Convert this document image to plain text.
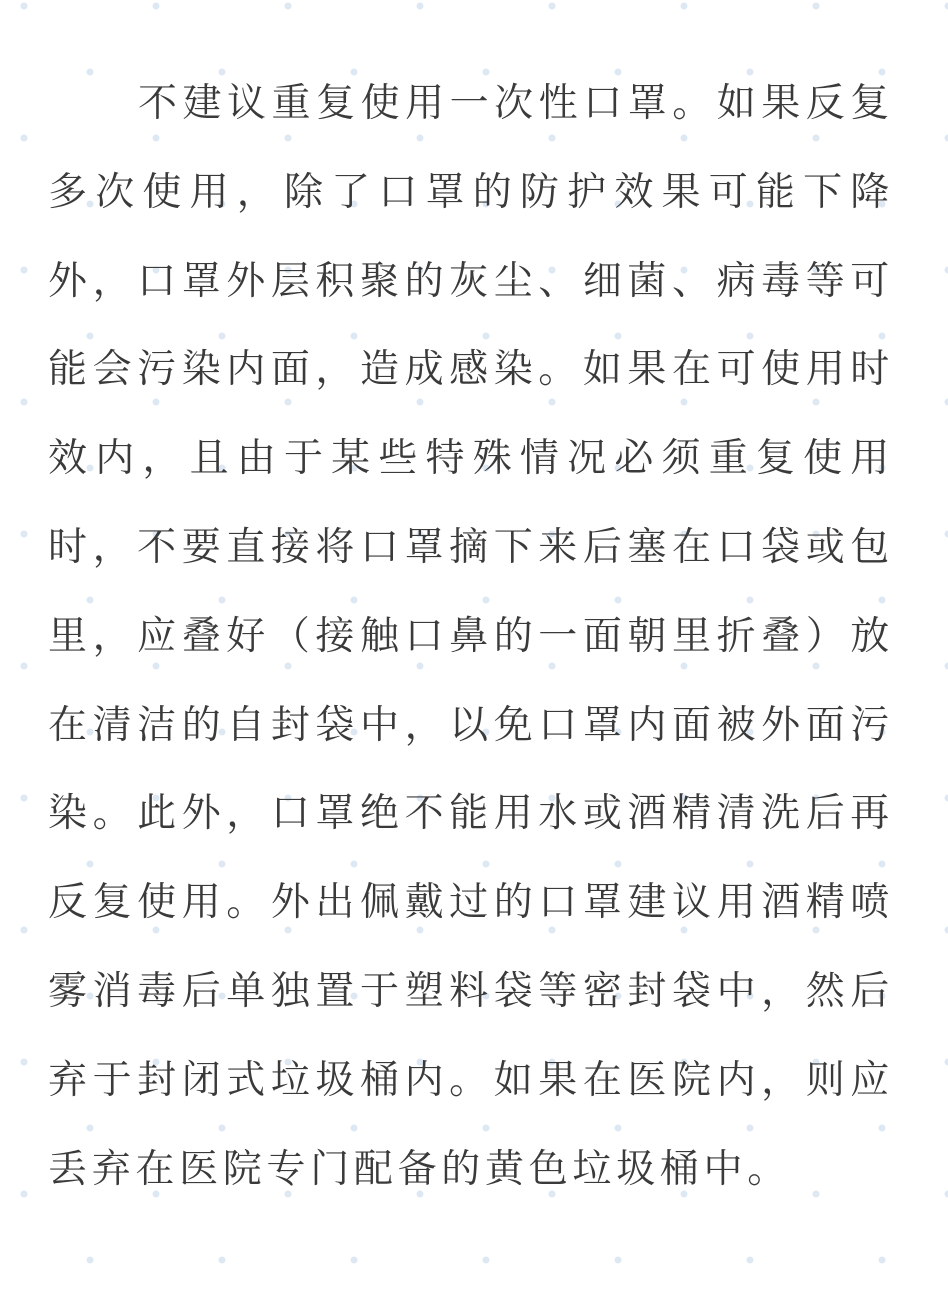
不建议重复使用一次性口罩。如果反复多次使用，除了口罩的防护效果可能下降外，口罩外层积聚的灰尘、细菌、病毒等可能会污染内面，造成感染。如果在可使用时效内，且由于某些特殊情况必须重复使用时，不要直接将口罩摘下来后塞在口袋或包里，应叠好（接触口鼻的一面朝里折叠）放在清洁的自封袋中，以免口罩内面被外面污染。此外，口罩绝不能用水或酒精清洗后再反复使用。外出佩戴过的口罩建议用酒精喷雾消毒后单独置于塑料袋等密封袋中，然后弃于封闭式垃圾桶内。如果在医院内，则应丢弃在医院专门配备的黄色垃圾桶中。
